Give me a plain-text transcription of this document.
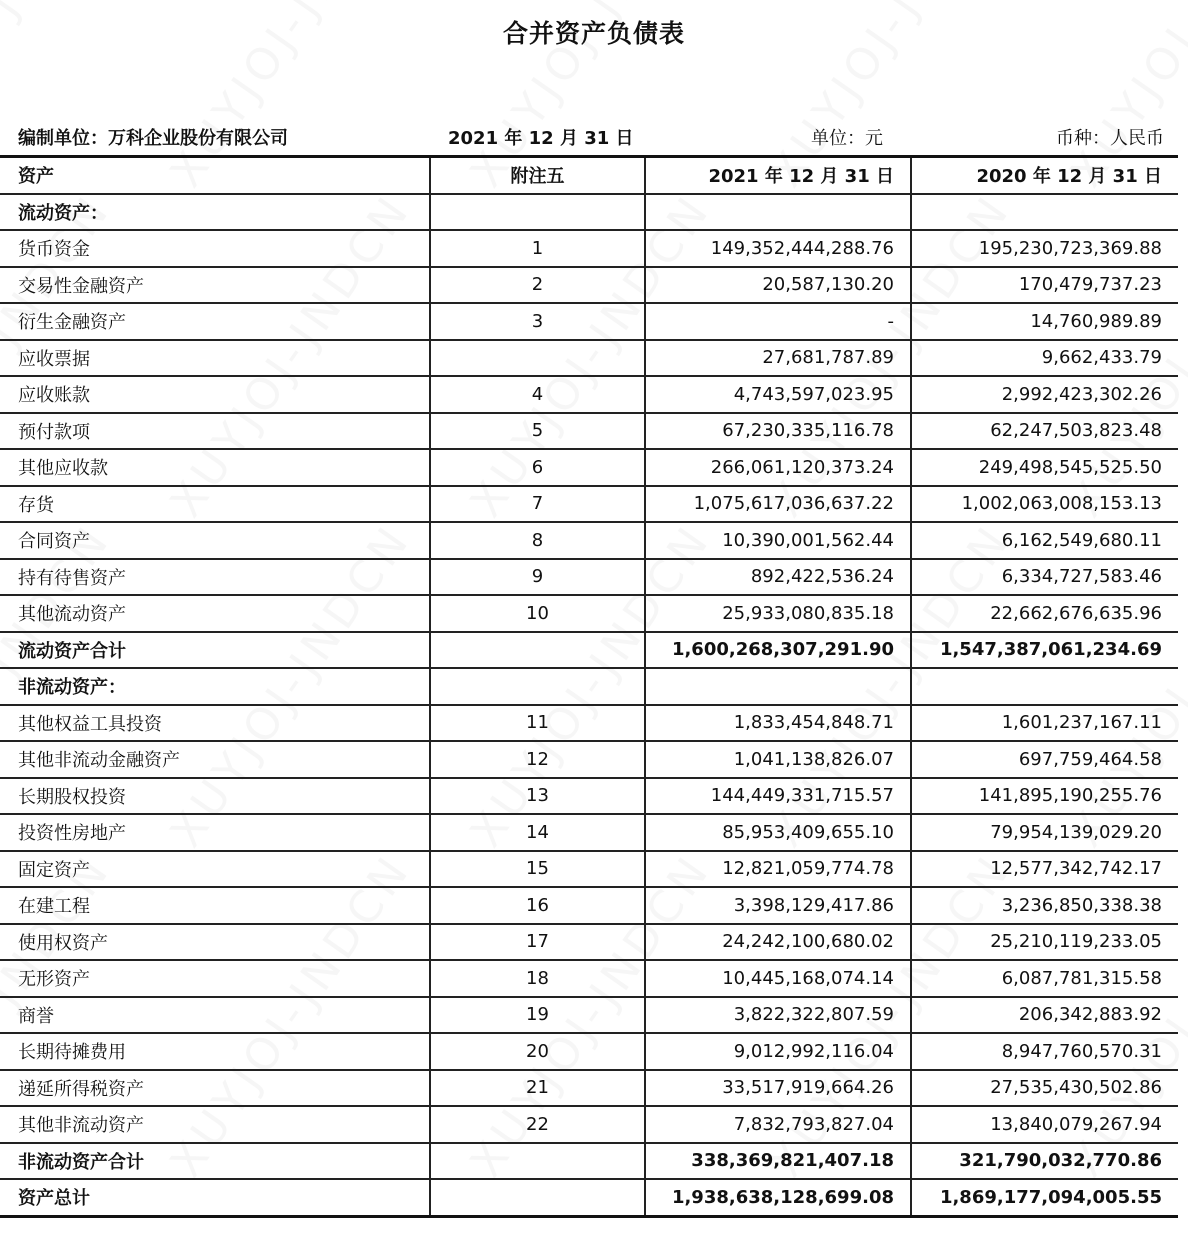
合并资产负债表
编制单位：万科企业股份有限公司	2021 年 12 月 31 日	单位：元	币种：人民币
资产	附注五	2021 年 12 月 31 日	2020 年 12 月 31 日
流动资产：			
货币资金	1	149,352,444,288.76	195,230,723,369.88
交易性金融资产	2	20,587,130.20	170,479,737.23
衍生金融资产	3	-	14,760,989.89
应收票据		27,681,787.89	9,662,433.79
应收账款	4	4,743,597,023.95	2,992,423,302.26
预付款项	5	67,230,335,116.78	62,247,503,823.48
其他应收款	6	266,061,120,373.24	249,498,545,525.50
存货	7	1,075,617,036,637.22	1,002,063,008,153.13
合同资产	8	10,390,001,562.44	6,162,549,680.11
持有待售资产	9	892,422,536.24	6,334,727,583.46
其他流动资产	10	25,933,080,835.18	22,662,676,635.96
流动资产合计		1,600,268,307,291.90	1,547,387,061,234.69
非流动资产：			
其他权益工具投资	11	1,833,454,848.71	1,601,237,167.11
其他非流动金融资产	12	1,041,138,826.07	697,759,464.58
长期股权投资	13	144,449,331,715.57	141,895,190,255.76
投资性房地产	14	85,953,409,655.10	79,954,139,029.20
固定资产	15	12,821,059,774.78	12,577,342,742.17
在建工程	16	3,398,129,417.86	3,236,850,338.38
使用权资产	17	24,242,100,680.02	25,210,119,233.05
无形资产	18	10,445,168,074.14	6,087,781,315.58
商誉	19	3,822,322,807.59	206,342,883.92
长期待摊费用	20	9,012,992,116.04	8,947,760,570.31
递延所得税资产	21	33,517,919,664.26	27,535,430,502.86
其他非流动资产	22	7,832,793,827.04	13,840,079,267.94
非流动资产合计		338,369,821,407.18	321,790,032,770.86
资产总计		1,938,638,128,699.08	1,869,177,094,005.55
